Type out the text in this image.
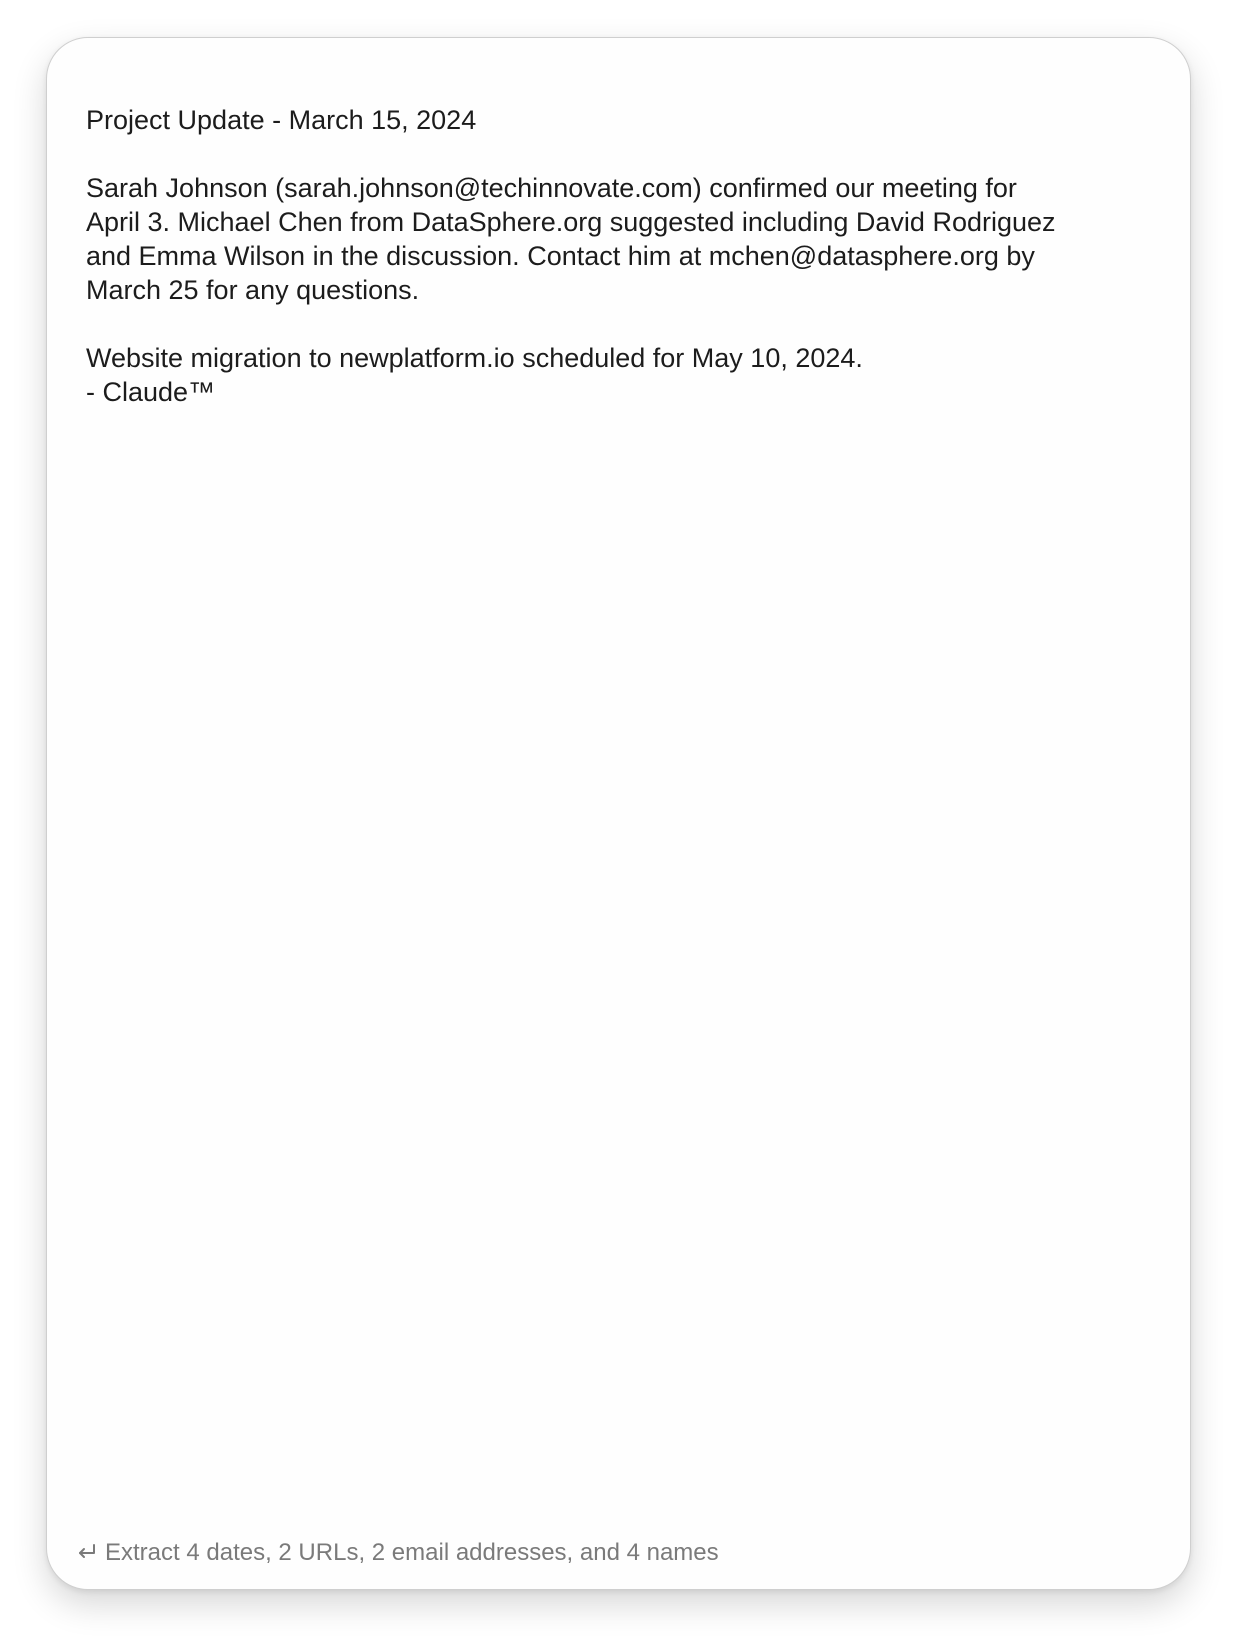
Project Update - March 15, 2024

Sarah Johnson (sarah.johnson@techinnovate.com) confirmed our meeting for
April 3. Michael Chen from DataSphere.org suggested including David Rodriguez
and Emma Wilson in the discussion. Contact him at mchen@datasphere.org by
March 25 for any questions.

Website migration to newplatform.io scheduled for May 10, 2024.
- Claude™

Extract 4 dates, 2 URLs, 2 email addresses, and 4 names
